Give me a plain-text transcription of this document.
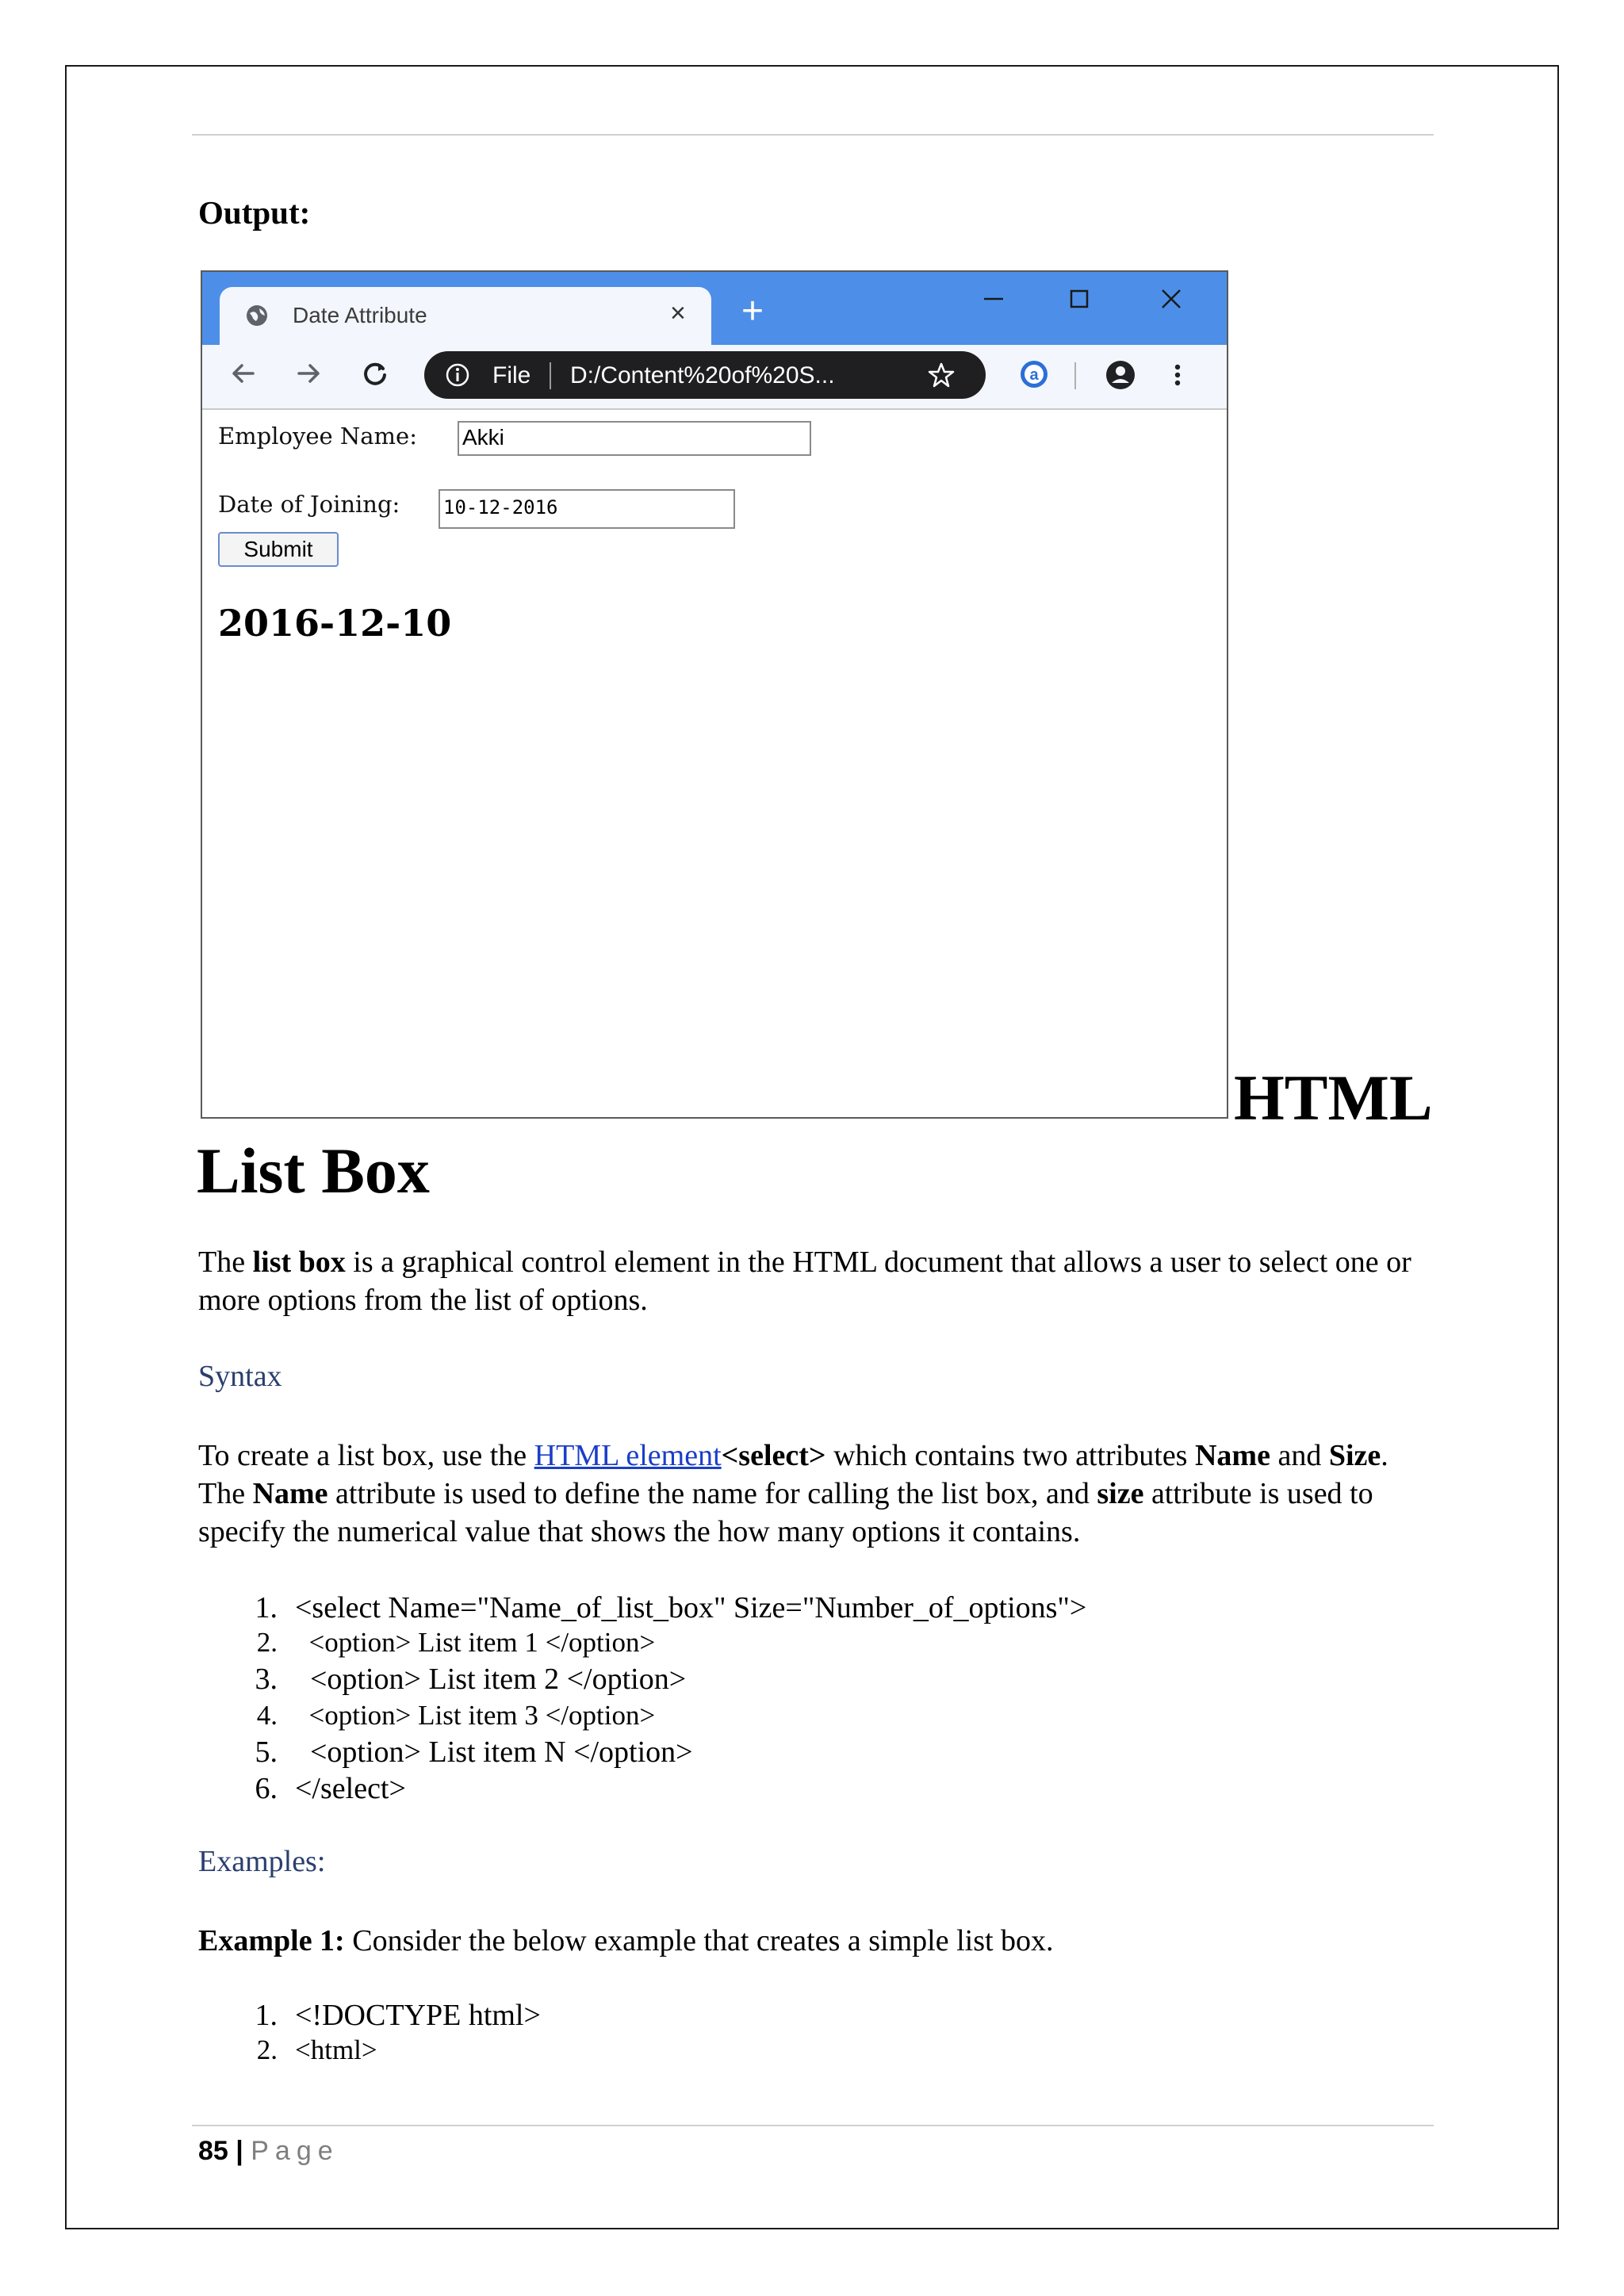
Output:
Date Attribute	× +
File D:/Content%20of%20S...	a
Employee Name: Akki
Date of Joining: 10-12-2016
Submit
2016-12-10
HTML
List Box
The list box is a graphical control element in the HTML document that allows a user to select one or more options from the list of options.
Syntax
To create a list box, use the HTML element<select> which contains two attributes Name and Size. The Name attribute is used to define the name for calling the list box, and size attribute is used to specify the numerical value that shows the how many options it contains.
1. <select Name="Name_of_list_box" Size="Number_of_options">
2. <option> List item 1 </option>
3. <option> List item 2 </option>
4. <option> List item 3 </option>
5. <option> List item N </option>
6. </select>
Examples:
Example 1: Consider the below example that creates a simple list box.
1. <!DOCTYPE html>
2. <html>
85 | Page
